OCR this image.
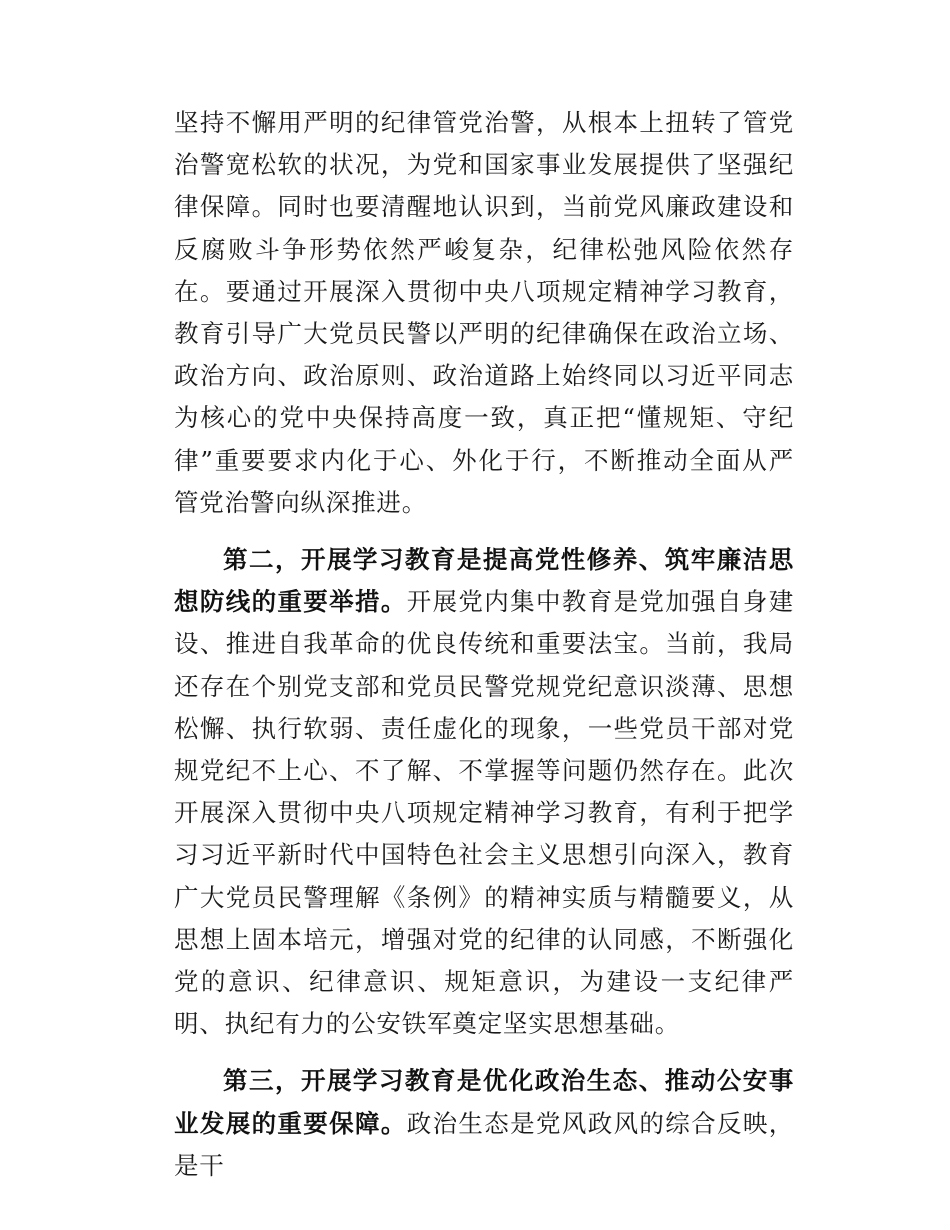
坚持不懈用严明的纪律管党治警，从根本上扭转了管党治警宽松软的状况，为党和国家事业发展提供了坚强纪律保障。同时也要清醒地认识到，当前党风廉政建设和反腐败斗争形势依然严峻复杂，纪律松弛风险依然存在。要通过开展深入贯彻中央八项规定精神学习教育，教育引导广大党员民警以严明的纪律确保在政治立场、政治方向、政治原则、政治道路上始终同以习近平同志为核心的党中央保持高度一致，真正把“懂规矩、守纪律”重要要求内化于心、外化于行，不断推动全面从严管党治警向纵深推进。

第二，开展学习教育是提高党性修养、筑牢廉洁思想防线的重要举措。开展党内集中教育是党加强自身建设、推进自我革命的优良传统和重要法宝。当前，我局还存在个别党支部和党员民警党规党纪意识淡薄、思想松懈、执行软弱、责任虚化的现象，一些党员干部对党规党纪不上心、不了解、不掌握等问题仍然存在。此次开展深入贯彻中央八项规定精神学习教育，有利于把学习习近平新时代中国特色社会主义思想引向深入，教育广大党员民警理解《条例》的精神实质与精髓要义，从思想上固本培元，增强对党的纪律的认同感，不断强化党的意识、纪律意识、规矩意识，为建设一支纪律严明、执纪有力的公安铁军奠定坚实思想基础。

第三，开展学习教育是优化政治生态、推动公安事业发展的重要保障。政治生态是党风政风的综合反映，是干
